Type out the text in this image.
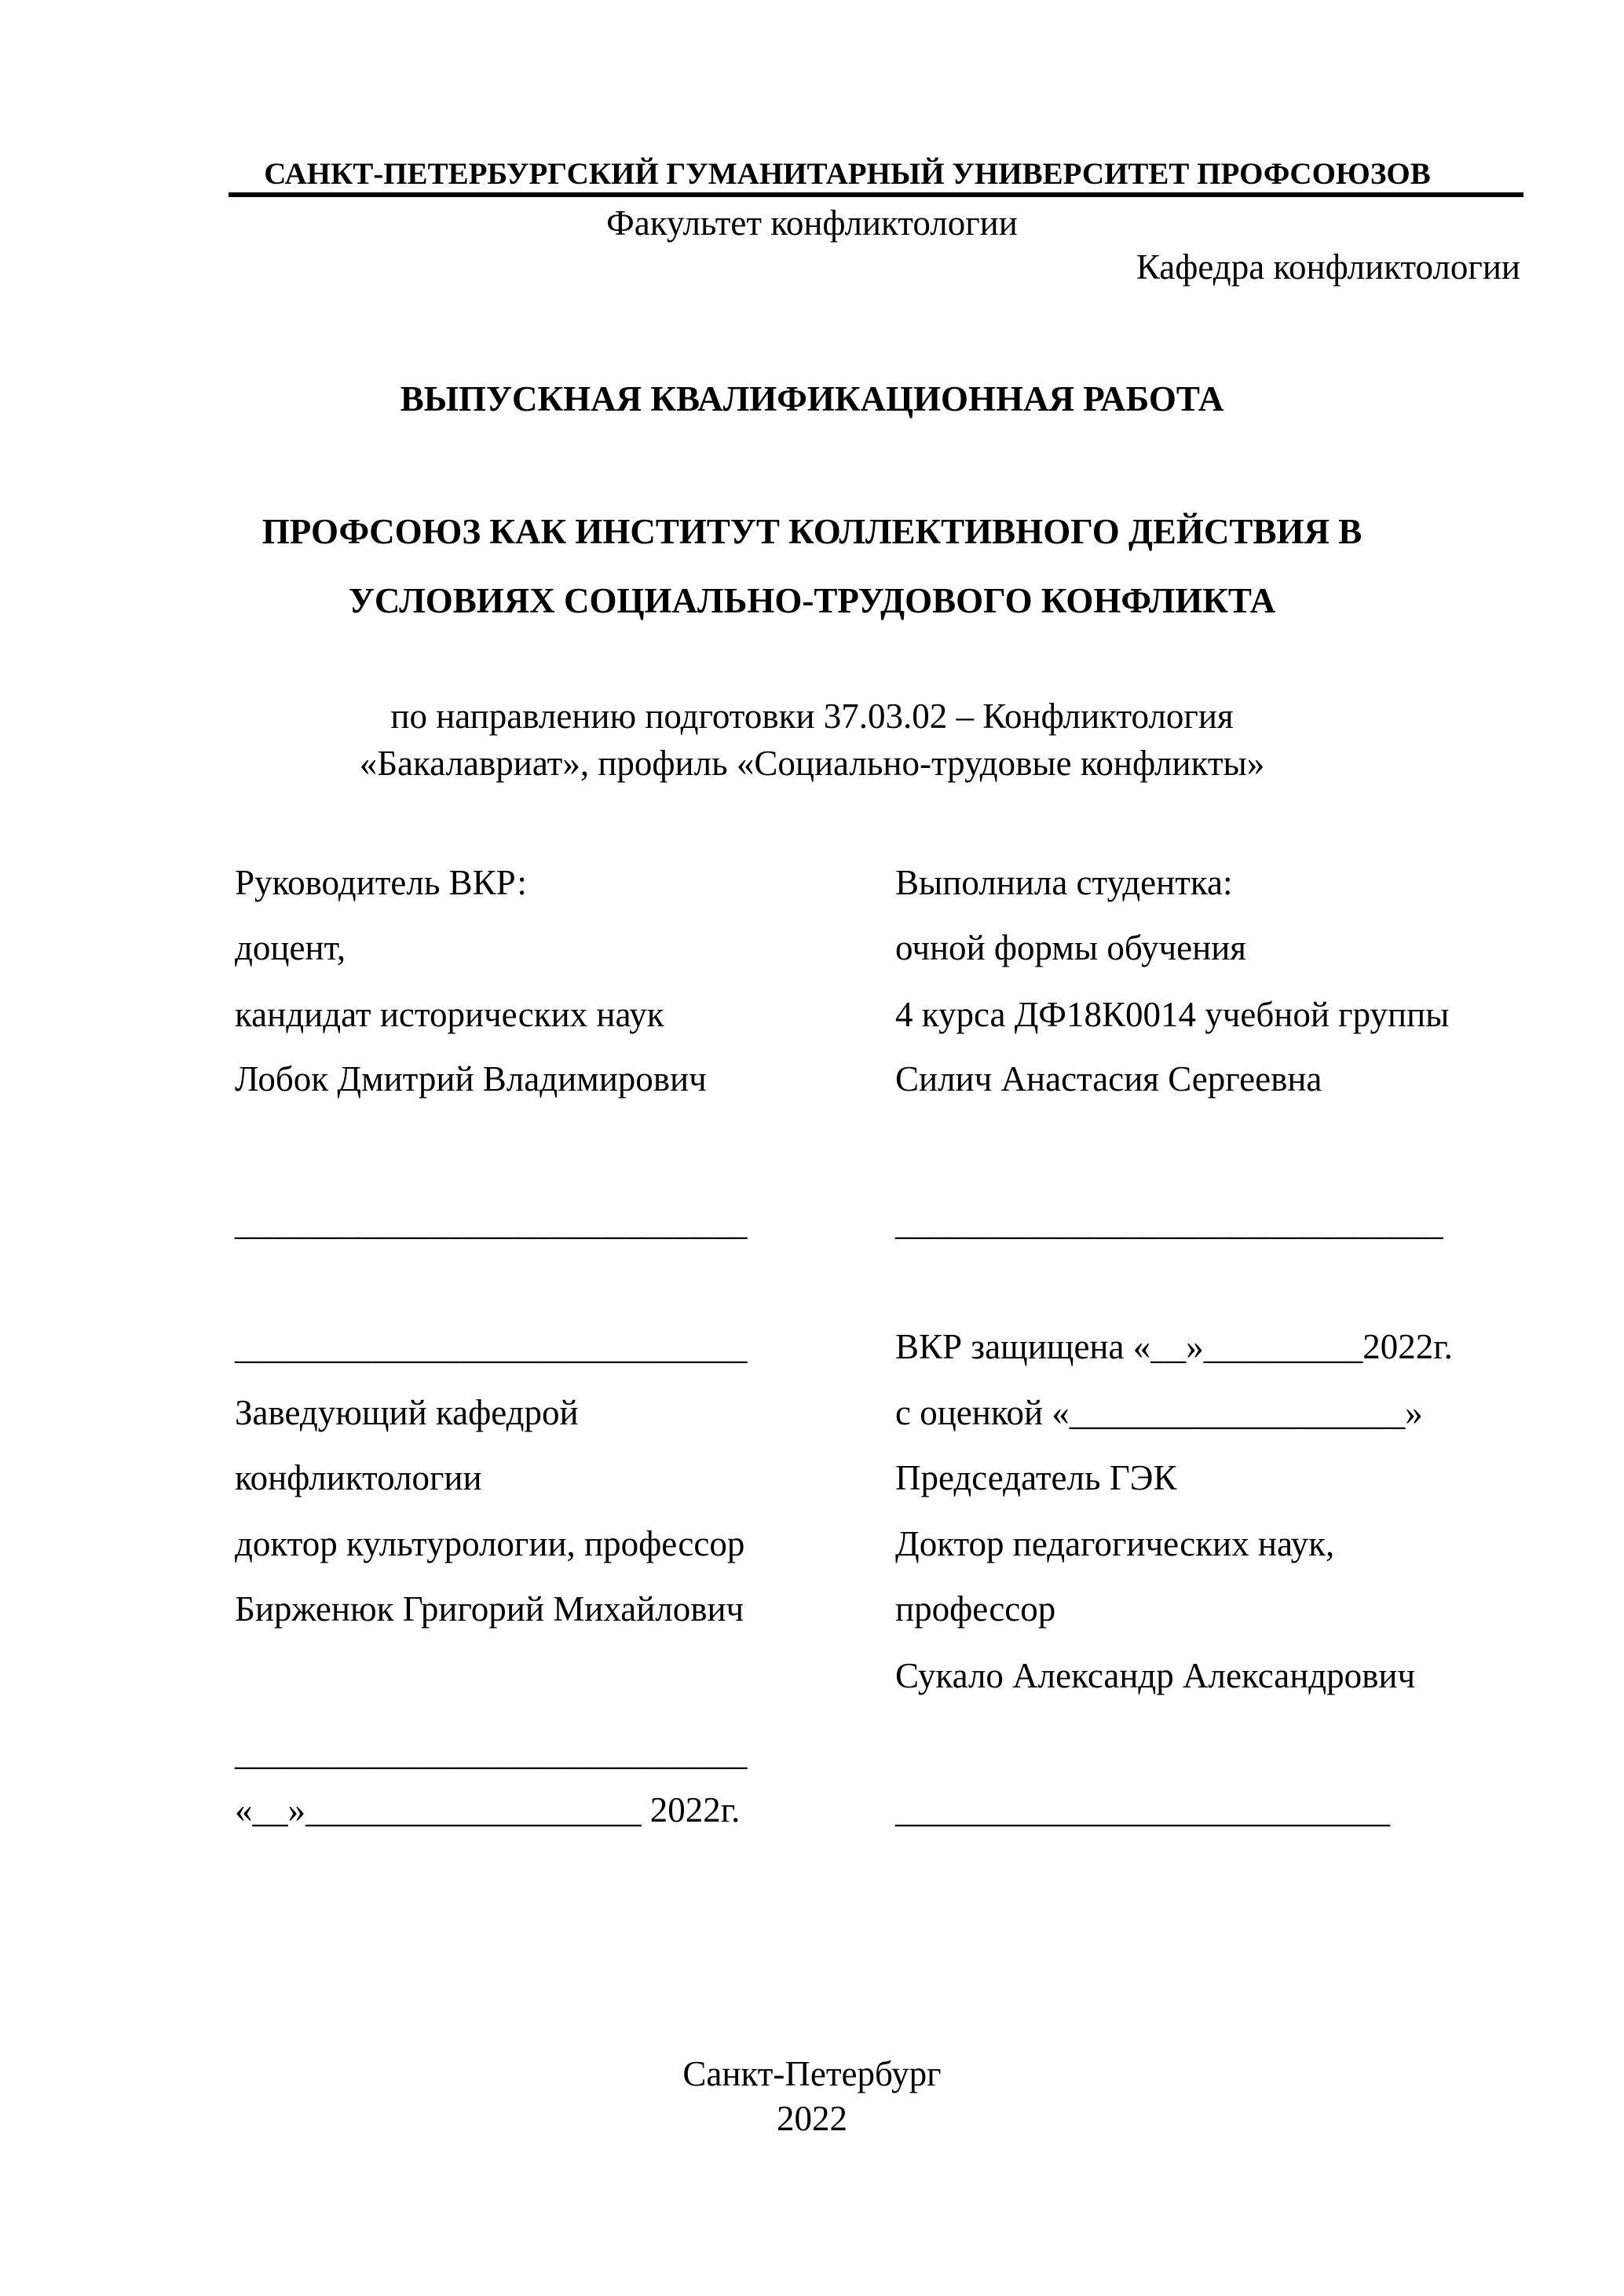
САНКТ-ПЕТЕРБУРГСКИЙ ГУМАНИТАРНЫЙ УНИВЕРСИТЕТ ПРОФСОЮЗОВ
Факультет конфликтологии
Кафедра конфликтологии
ВЫПУСКНАЯ КВАЛИФИКАЦИОННАЯ РАБОТА
ПРОФСОЮЗ КАК ИНСТИТУТ КОЛЛЕКТИВНОГО ДЕЙСТВИЯ В
УСЛОВИЯХ СОЦИАЛЬНО-ТРУДОВОГО КОНФЛИКТА
по направлению подготовки 37.03.02 – Конфликтология
«Бакалавриат», профиль «Социально-трудовые конфликты»
Руководитель ВКР:
доцент,
кандидат исторических наук
Лобок Дмитрий Владимирович
_____________________________
_____________________________
Заведующий кафедрой
конфликтологии
доктор культурологии, профессор
Бирженюк Григорий Михайлович
_____________________________
«__»___________________ 2022г.
Выполнила студентка:
очной формы обучения
4 курса ДФ18К0014 учебной группы
Силич Анастасия Сергеевна
_______________________________
ВКР защищена «__»_________2022г.
с оценкой «___________________»
Председатель ГЭК
Доктор педагогических наук,
профессор
Сукало Александр Александрович
____________________________
Санкт-Петербург
2022
